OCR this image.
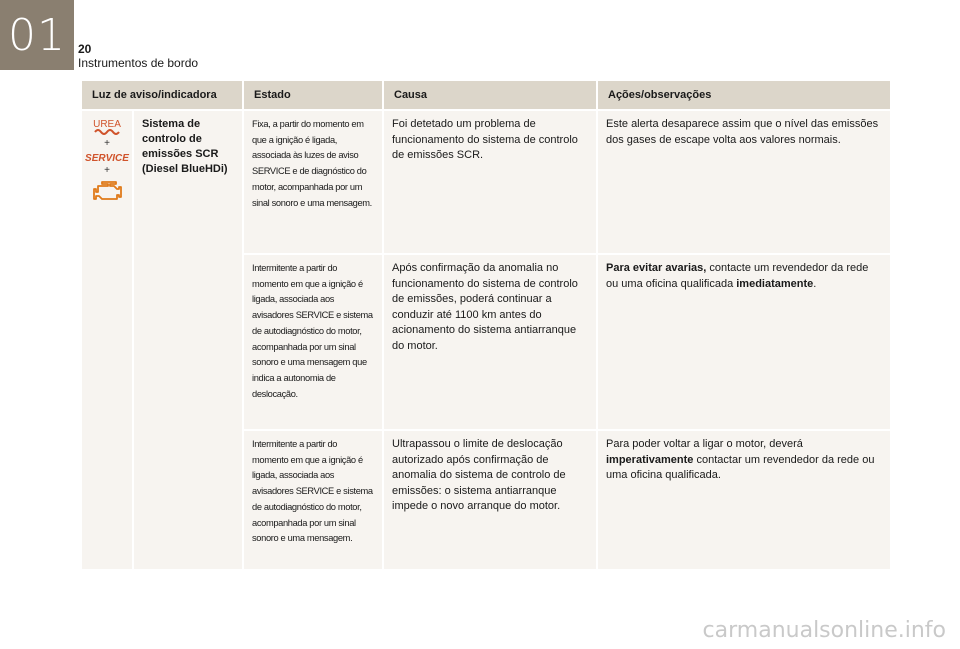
01	20
Instrumentos de bordo
Luz de aviso/indicadora		Estado	Causa	Ações/observações

UREA
+
SERVICE
+	Sistema de controlo de emissões SCR (Diesel BlueHDi)	Fixa, a partir do momento em que a ignição é ligada, associada às luzes de aviso SERVICE e de diagnóstico do motor, acompanhada por um sinal sonoro e uma mensagem.	Foi detetado um problema de funcionamento do sistema de controlo de emissões SCR.	Este alerta desaparece assim que o nível das emissões dos gases de escape volta aos valores normais.
		Intermitente a partir do momento em que a ignição é ligada, associada aos avisadores SERVICE e sistema de autodiagnóstico do motor, acompanhada por um sinal sonoro e uma mensagem que indica a autonomia de deslocação.	Após confirmação da anomalia no funcionamento do sistema de controlo de emissões, poderá continuar a conduzir até 1100 km antes do acionamento do sistema antiarranque do motor.	Para evitar avarias, contacte um revendedor da rede ou uma oficina qualificada imediatamente.
		Intermitente a partir do momento em que a ignição é ligada, associada aos avisadores SERVICE e sistema de autodiagnóstico do motor, acompanhada por um sinal sonoro e uma mensagem.	Ultrapassou o limite de deslocação autorizado após confirmação de anomalia do sistema de controlo de emissões: o sistema antiarranque impede o novo arranque do motor.	Para poder voltar a ligar o motor, deverá imperativamente contactar um revendedor da rede ou uma oficina qualificada.
carmanualsonline.info
